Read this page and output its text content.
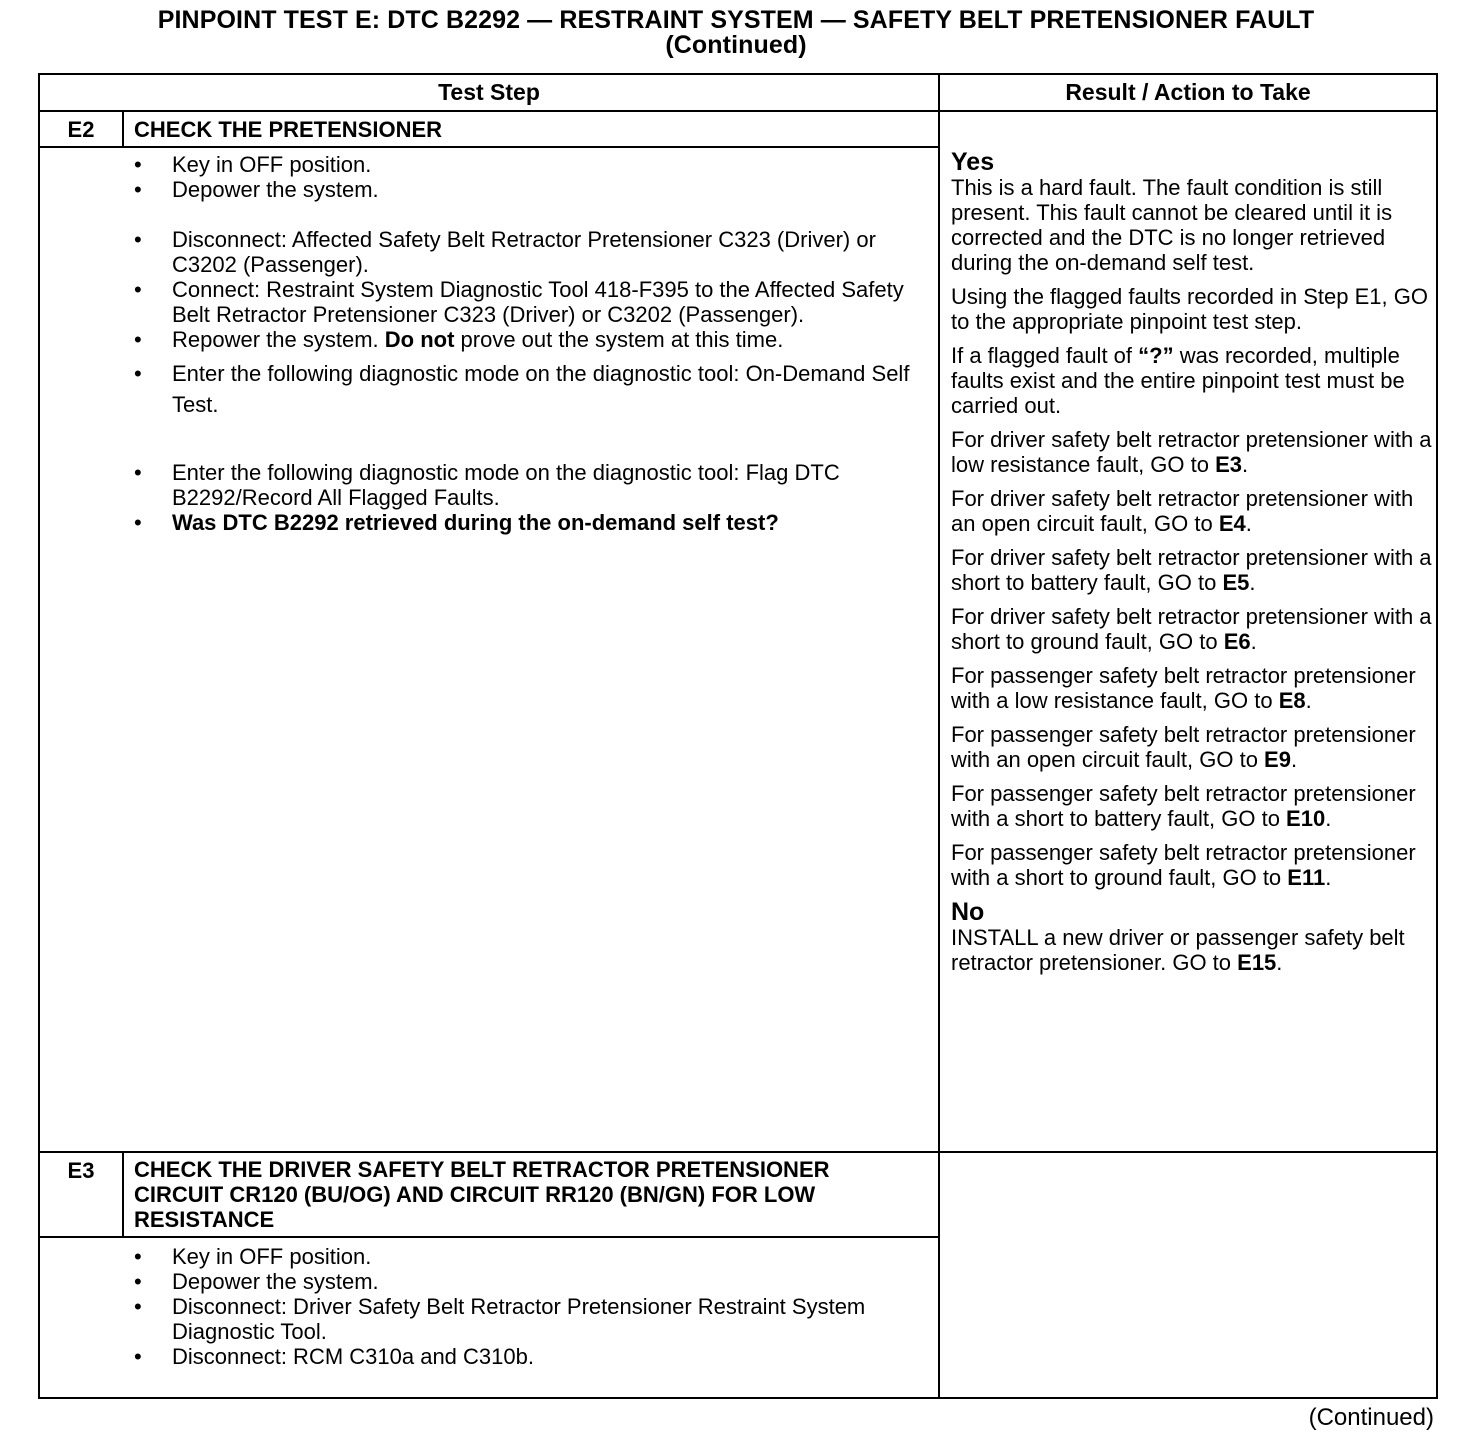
PINPOINT TEST E: DTC B2292 — RESTRAINT SYSTEM — SAFETY BELT PRETENSIONER FAULT
(Continued)
Test Step	Result / Action to Take
E2	CHECK THE PRETENSIONER
• Key in OFF position.
• Depower the system.
• Disconnect: Affected Safety Belt Retractor Pretensioner C323 (Driver) or C3202 (Passenger).
• Connect: Restraint System Diagnostic Tool 418-F395 to the Affected Safety Belt Retractor Pretensioner C323 (Driver) or C3202 (Passenger).
• Repower the system. Do not prove out the system at this time.
• Enter the following diagnostic mode on the diagnostic tool: On-Demand Self Test.
• Enter the following diagnostic mode on the diagnostic tool: Flag DTC B2292/Record All Flagged Faults.
• Was DTC B2292 retrieved during the on-demand self test?
Yes

This is a hard fault. The fault condition is still present. This fault cannot be cleared until it is corrected and the DTC is no longer retrieved during the on-demand self test.

Using the flagged faults recorded in Step E1, GO to the appropriate pinpoint test step.

If a flagged fault of “?” was recorded, multiple faults exist and the entire pinpoint test must be carried out.

For driver safety belt retractor pretensioner with a low resistance fault, GO to E3.

For driver safety belt retractor pretensioner with an open circuit fault, GO to E4.

For driver safety belt retractor pretensioner with a short to battery fault, GO to E5.

For driver safety belt retractor pretensioner with a short to ground fault, GO to E6.

For passenger safety belt retractor pretensioner with a low resistance fault, GO to E8.

For passenger safety belt retractor pretensioner with an open circuit fault, GO to E9.

For passenger safety belt retractor pretensioner with a short to battery fault, GO to E10.

For passenger safety belt retractor pretensioner with a short to ground fault, GO to E11.

No

INSTALL a new driver or passenger safety belt retractor pretensioner. GO to E15.

E3	CHECK THE DRIVER SAFETY BELT RETRACTOR PRETENSIONER CIRCUIT CR120 (BU/OG) AND CIRCUIT RR120 (BN/GN) FOR LOW RESISTANCE
• Key in OFF position.
• Depower the system.
• Disconnect: Driver Safety Belt Retractor Pretensioner Restraint System Diagnostic Tool.
• Disconnect: RCM C310a and C310b.
(Continued)
